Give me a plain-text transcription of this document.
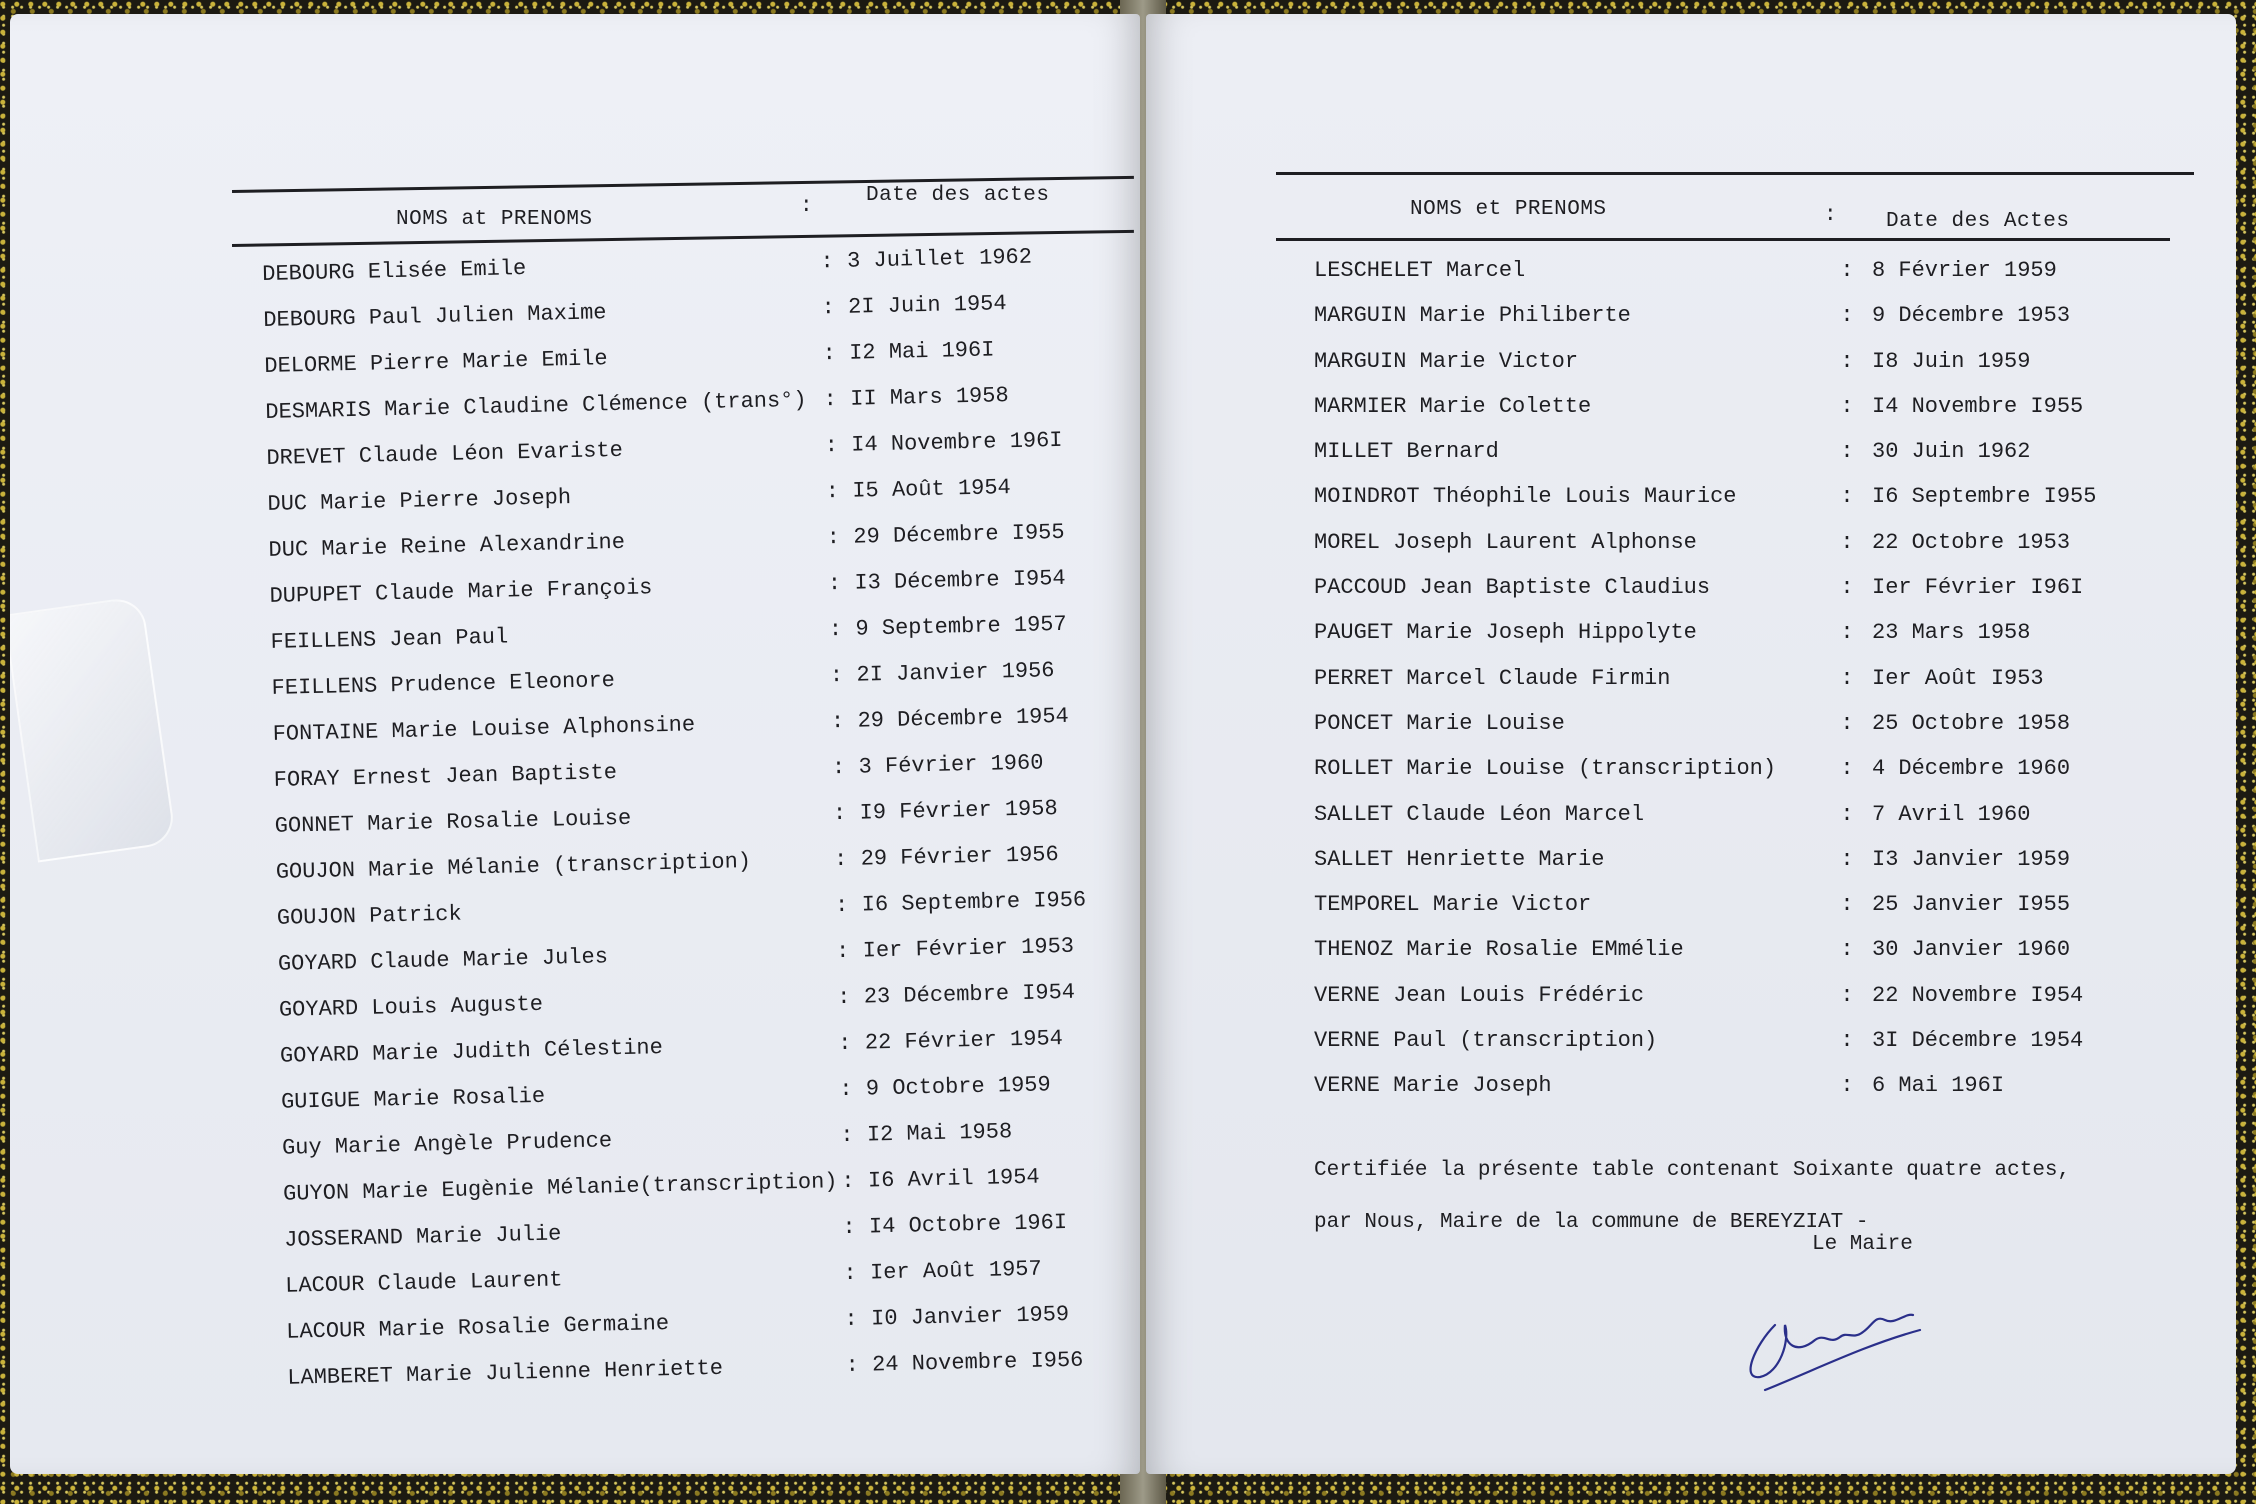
NOMS at PRENOMS
:	Date des actes
DEBOURG Elisée Emile	: 3 Juillet 1962
DEBOURG Paul Julien Maxime	: 2I Juin 1954
DELORME Pierre Marie Emile	: I2 Mai 196I
DESMARIS Marie Claudine Clémence (trans°) : II Mars 1958
DREVET Claude Léon Evariste	: I4 Novembre 196I
DUC Marie Pierre Joseph	: I5 Août 1954
DUC Marie Reine Alexandrine	: 29 Décembre I955
DUPUPET Claude Marie François	: I3 Décembre I954
FEILLENS Jean Paul	: 9 Septembre 1957
FEILLENS Prudence Eleonore	: 2I Janvier 1956
FONTAINE Marie Louise Alphonsine	: 29 Décembre 1954
FORAY Ernest Jean Baptiste	: 3 Février 1960
GONNET Marie Rosalie Louise	: I9 Février 1958
GOUJON Marie Mélanie (transcription)	: 29 Février 1956
GOUJON Patrick	: I6 Septembre I956
GOYARD Claude Marie Jules	: Ier Février 1953
GOYARD Louis Auguste	: 23 Décembre I954
GOYARD Marie Judith Célestine	: 22 Février 1954
GUIGUE Marie Rosalie	: 9 Octobre 1959
Guy Marie Angèle Prudence	: I2 Mai 1958
GUYON Marie Eugènie Mélanie(transcription) : I6 Avril 1954
JOSSERAND Marie Julie	: I4 Octobre 196I
LACOUR Claude Laurent	: Ier Août 1957
LACOUR Marie Rosalie Germaine	: I0 Janvier 1959
LAMBERET Marie Julienne Henriette	: 24 Novembre I956
NOMS et PRENOMS	: Date des Actes
LESCHELET Marcel	: 8 Février 1959
MARGUIN Marie Philiberte	: 9 Décembre 1953
MARGUIN Marie Victor	: I8 Juin 1959
MARMIER Marie Colette	: I4 Novembre I955
MILLET Bernard	: 30 Juin 1962
MOINDROT Théophile Louis Maurice	: I6 Septembre I955
MOREL Joseph Laurent Alphonse	: 22 Octobre 1953
PACCOUD Jean Baptiste Claudius	: Ier Février I96I
PAUGET Marie Joseph Hippolyte	: 23 Mars 1958
PERRET Marcel Claude Firmin	: Ier Août I953
PONCET Marie Louise	: 25 Octobre 1958
ROLLET Marie Louise (transcription)	: 4 Décembre 1960
SALLET Claude Léon Marcel	: 7 Avril 1960
SALLET Henriette Marie	: I3 Janvier 1959
TEMPOREL Marie Victor	: 25 Janvier I955
THENOZ Marie Rosalie EMmélie	: 30 Janvier 1960
VERNE Jean Louis Frédéric	: 22 Novembre I954
VERNE Paul (transcription)	: 3I Décembre 1954
VERNE Marie Joseph	: 6 Mai 196I
Certifiée la présente table contenant Soixante quatre actes,
par Nous, Maire de la commune de BEREYZIAT -
Le Maire
